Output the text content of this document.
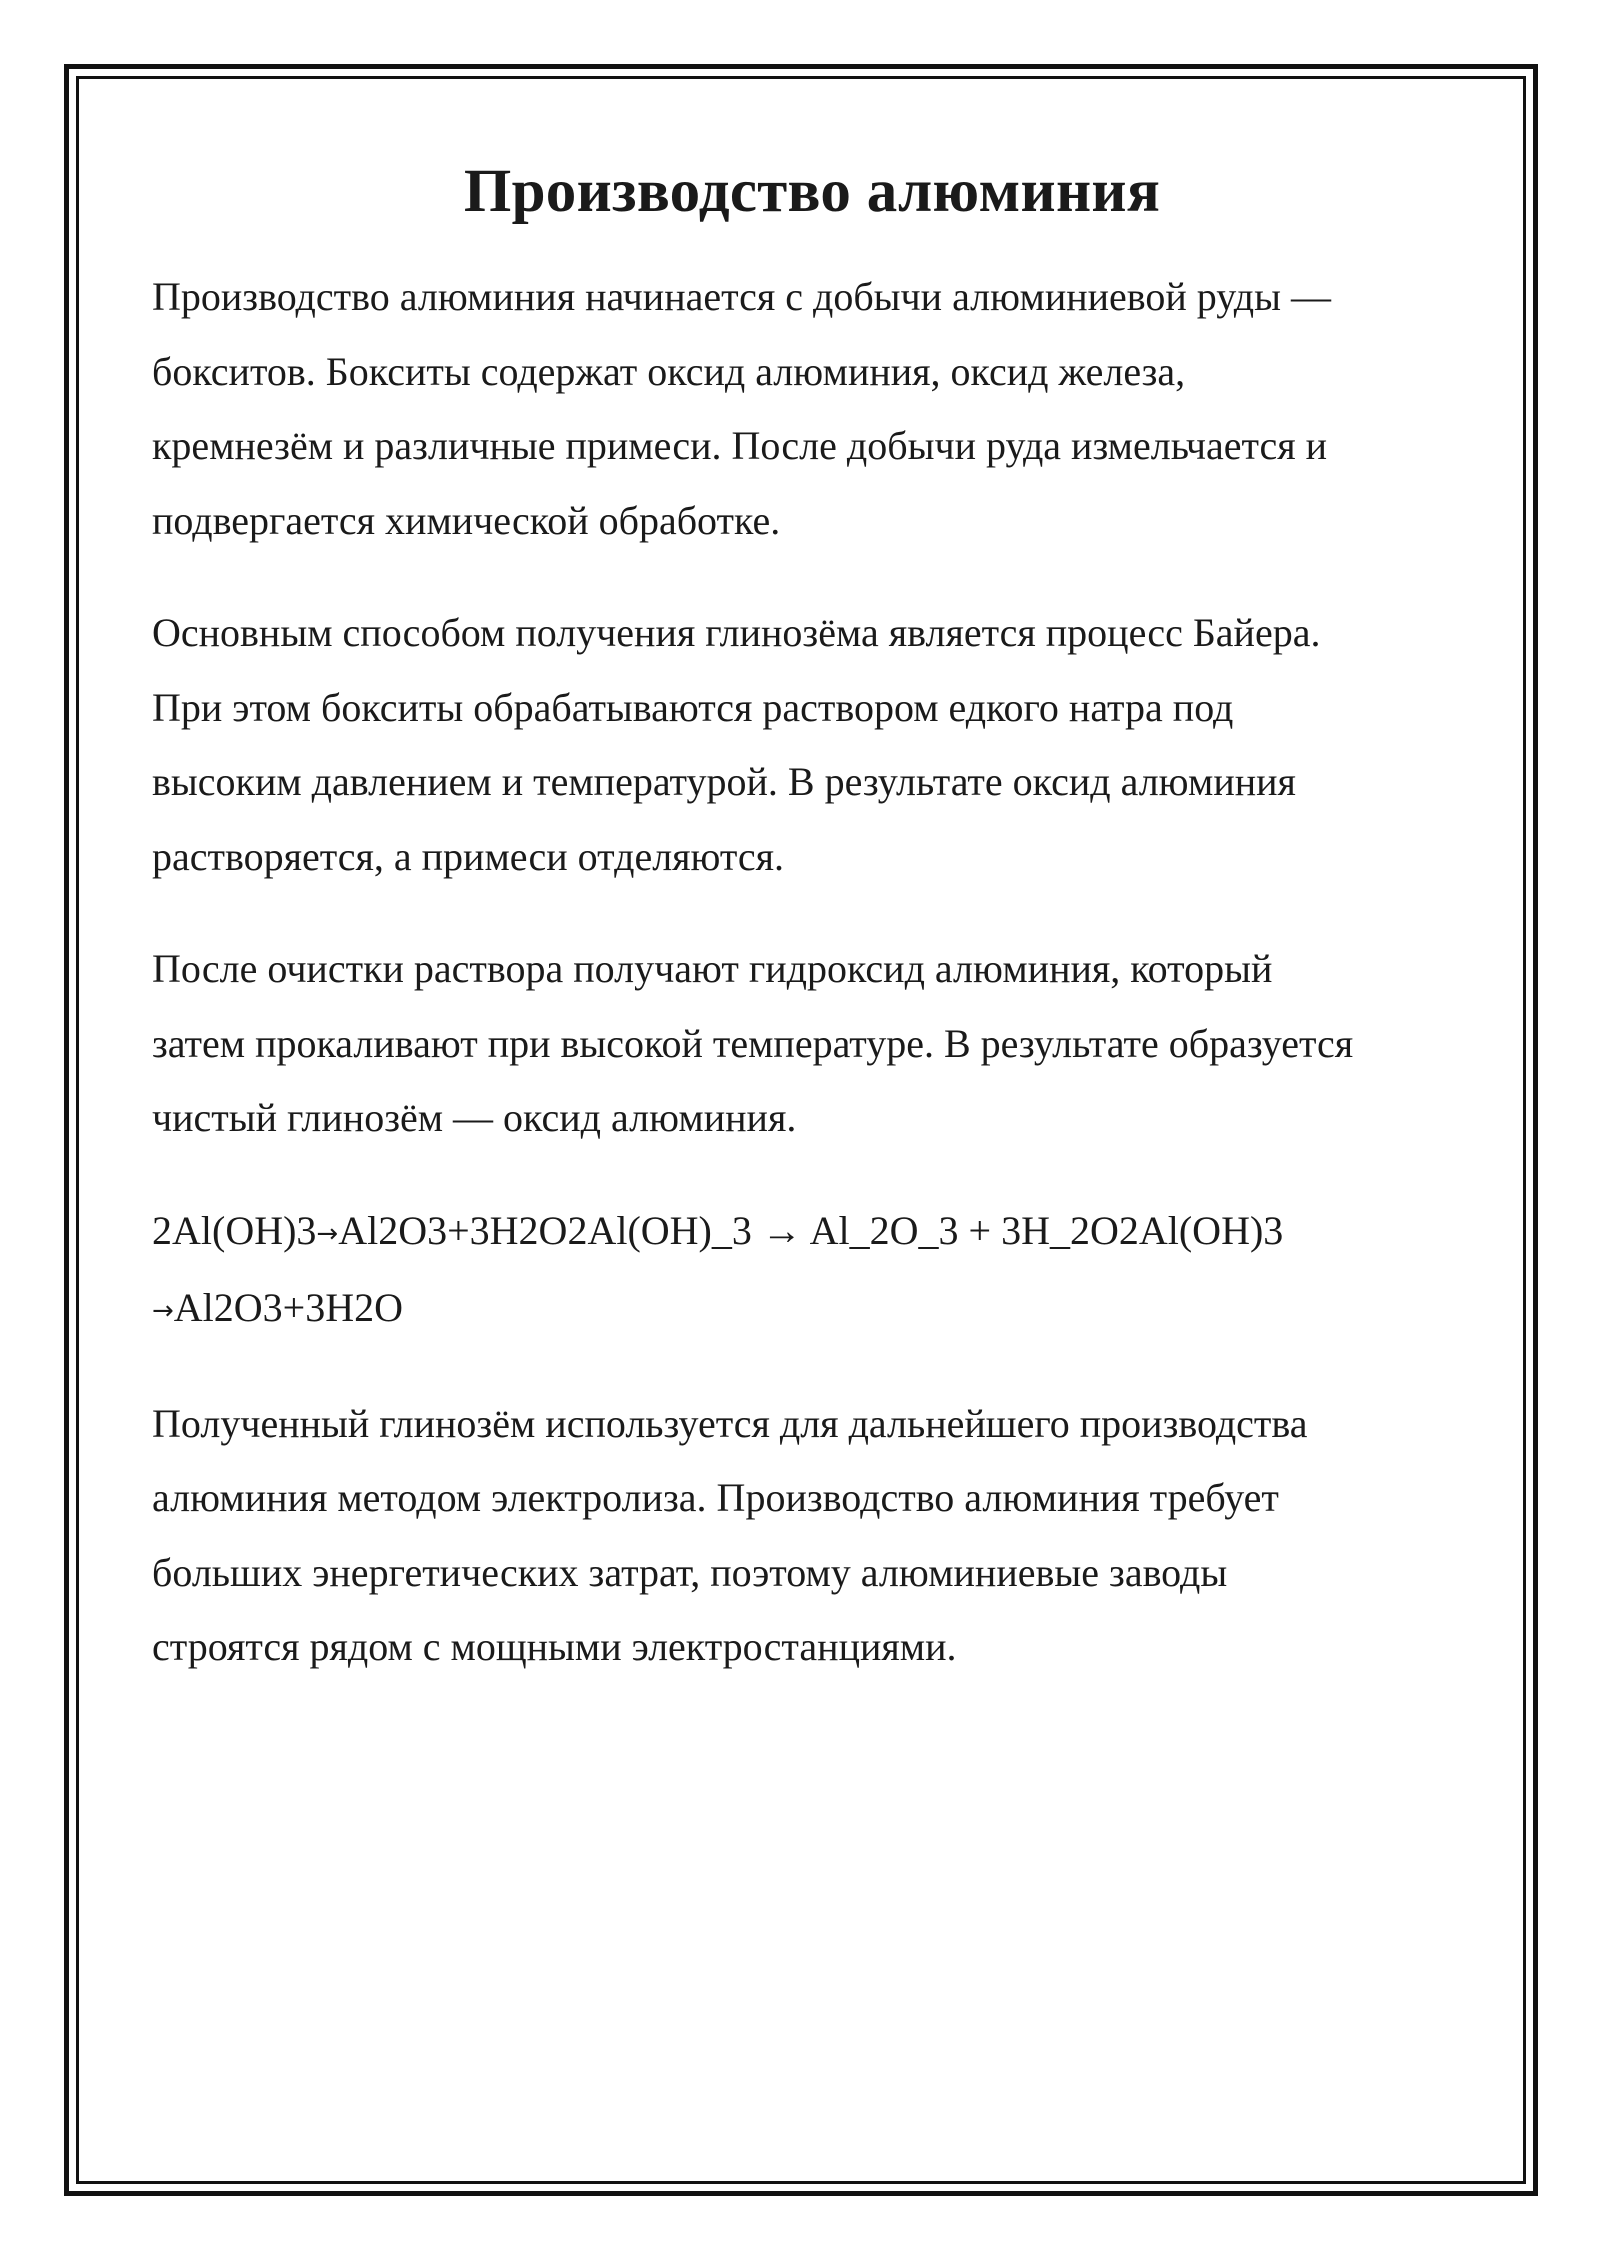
Производство алюминия

Производство алюминия начинается с добычи алюминиевой руды —
бокситов. Бокситы содержат оксид алюминия, оксид железа,
кремнезём и различные примеси. После добычи руда измельчается и
подвергается химической обработке.

Основным способом получения глинозёма является процесс Байера.
При этом бокситы обрабатываются раствором едкого натра под
высоким давлением и температурой. В результате оксид алюминия
растворяется, а примеси отделяются.

После очистки раствора получают гидроксид алюминия, который
затем прокаливают при высокой температуре. В результате образуется
чистый глинозём — оксид алюминия.

2Al(OH)3→Al2O3+3H2O2Al(OH)_3 → Al_2O_3 + 3H_2O2Al(OH)3
→Al2O3+3H2O

Полученный глинозём используется для дальнейшего производства
алюминия методом электролиза. Производство алюминия требует
больших энергетических затрат, поэтому алюминиевые заводы
строятся рядом с мощными электростанциями.
